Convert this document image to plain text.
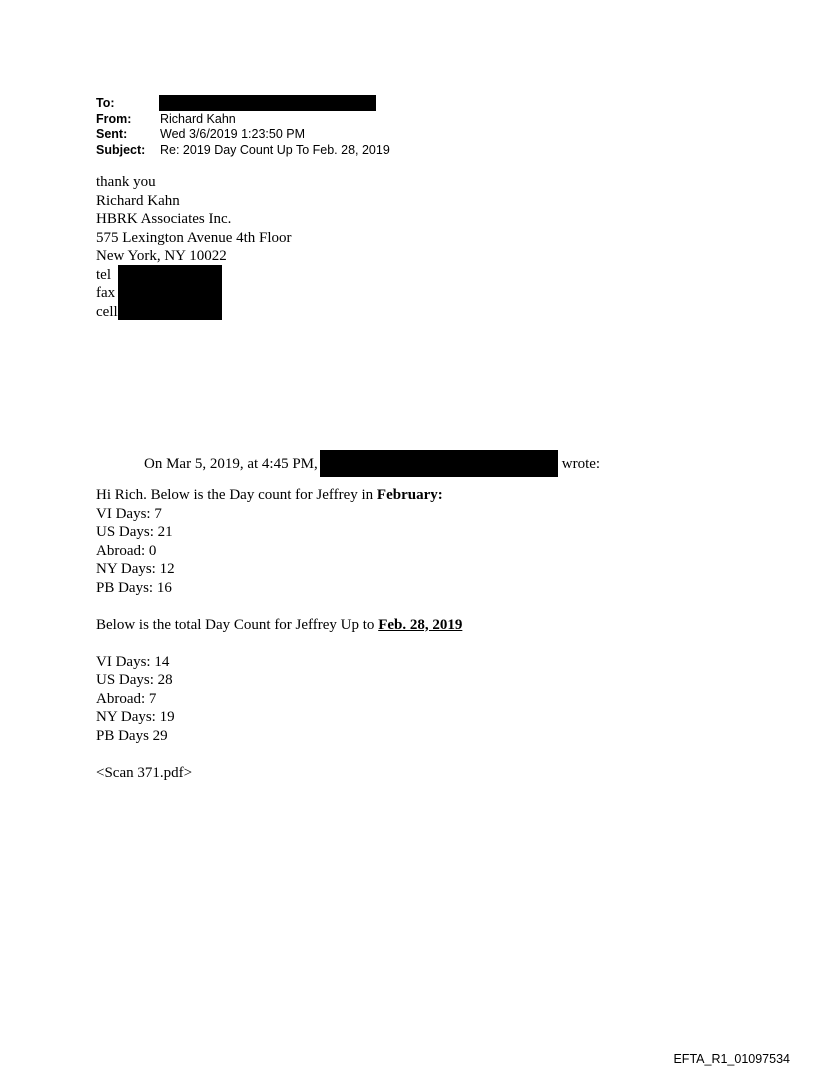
To:
From: Richard Kahn
Sent:	Wed 3/6/2019 1:23:50 PM
Subject: Re: 2019 Day Count Up To Feb. 28, 2019
thank you
Richard Kahn
HBRK Associates Inc.
575 Lexington Avenue 4th Floor
New York, NY 10022
tel
fax
cell
On Mar 5, 2019, at 4:45 PM,	wrote:
Hi Rich. Below is the Day count for Jeffrey in February:
VI Days: 7
US Days: 21
Abroad: 0
NY Days: 12
PB Days: 16
Below is the total Day Count for Jeffrey Up to Feb. 28, 2019
VI Days: 14
US Days: 28
Abroad: 7
NY Days: 19
PB Days 29
<Scan 371.pdf>
EFTA_R1_01097534
